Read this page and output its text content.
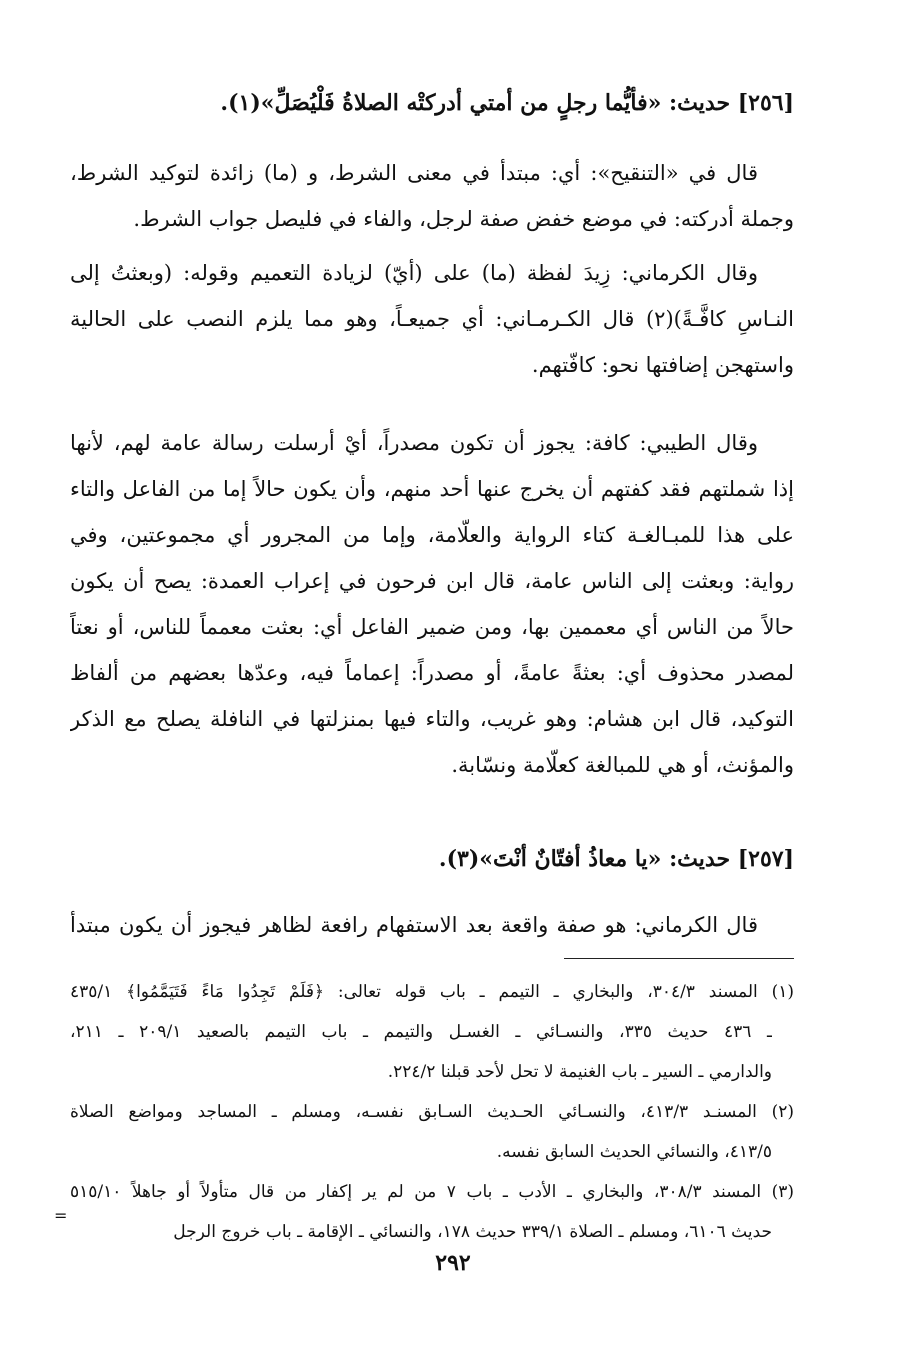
[٢٥٦] حديث: «فأيُّما رجلٍ من أمتي أدركتْه الصلاةُ فَلْيُصَلِّ»(١).
قال في «التنقيح»: أي: مبتدأ في معنى الشرط، و (ما) زائدة لتوكيد الشرط،
وجملة أدركته: في موضع خفض صفة لرجل، والفاء في فليصل جواب الشرط.
وقال الكرماني: زِيدَ لفظة (ما) على (أيّ) لزيادة التعميم وقوله: (وبعثتُ إلى
النـاسِ كافَّـةً)(٢) قال الكـرمـاني: أي جميعـاً، وهو مما يلزم النصب على الحالية
واستهجن إضافتها نحو: كافّتهم.
وقال الطيبي: كافة: يجوز أن تكون مصدراً، أيْ أرسلت رسالة عامة لهم، لأنها
إذا شملتهم فقد كفتهم أن يخرج عنها أحد منهم، وأن يكون حالاً إما من الفاعل والتاء
على هذا للمبـالغـة كتاء الرواية والعلّامة، وإما من المجرور أي مجموعتين، وفي
رواية: وبعثت إلى الناس عامة، قال ابن فرحون في إعراب العمدة: يصح أن يكون
حالاً من الناس أي معممين بها، ومن ضمير الفاعل أي: بعثت معمماً للناس، أو نعتاً
لمصدر محذوف أي: بعثةً عامةً، أو مصدراً: إعماماً فيه، وعدّها بعضهم من ألفاظ
التوكيد، قال ابن هشام: وهو غريب، والتاء فيها بمنزلتها في النافلة يصلح مع الذكر
والمؤنث، أو هي للمبالغة كعلّامة ونسّابة.
[٢٥٧] حديث: «يا معاذُ أفتّانٌ أنْتَ»(٣).
قال الكرماني: هو صفة واقعة بعد الاستفهام رافعة لظاهر فيجوز أن يكون مبتدأ
(١) المسند ٣٠٤/٣، والبخاري ـ التيمم ـ باب قوله تعالى: ﴿فَلَمْ تَجِدُوا مَاءً فَتَيَمَّمُوا﴾ ٤٣٥/١
ـ ٤٣٦ حديث ٣٣٥، والنسـائي ـ الغسـل والتيمم ـ باب التيمم بالصعيد ٢٠٩/١ ـ ٢١١،
والدارمي ـ السير ـ باب الغنيمة لا تحل لأحد قبلنا ٢٢٤/٢.
(٢) المسنـد ٤١٣/٣، والنسـائي الحـديث السـابق نفسـه، ومسلم ـ المساجد ومواضع الصلاة
٤١٣/٥، والنسائي الحديث السابق نفسه.
(٣) المسند ٣٠٨/٣، والبخاري ـ الأدب ـ باب ٧ من لم ير إكفار من قال متأولاً أو جاهلاً ٥١٥/١٠
حديث ٦١٠٦، ومسلم ـ الصلاة ٣٣٩/١ حديث ١٧٨، والنسائي ـ الإقامة ـ باب خروج الرجل
=
٢٩٢
